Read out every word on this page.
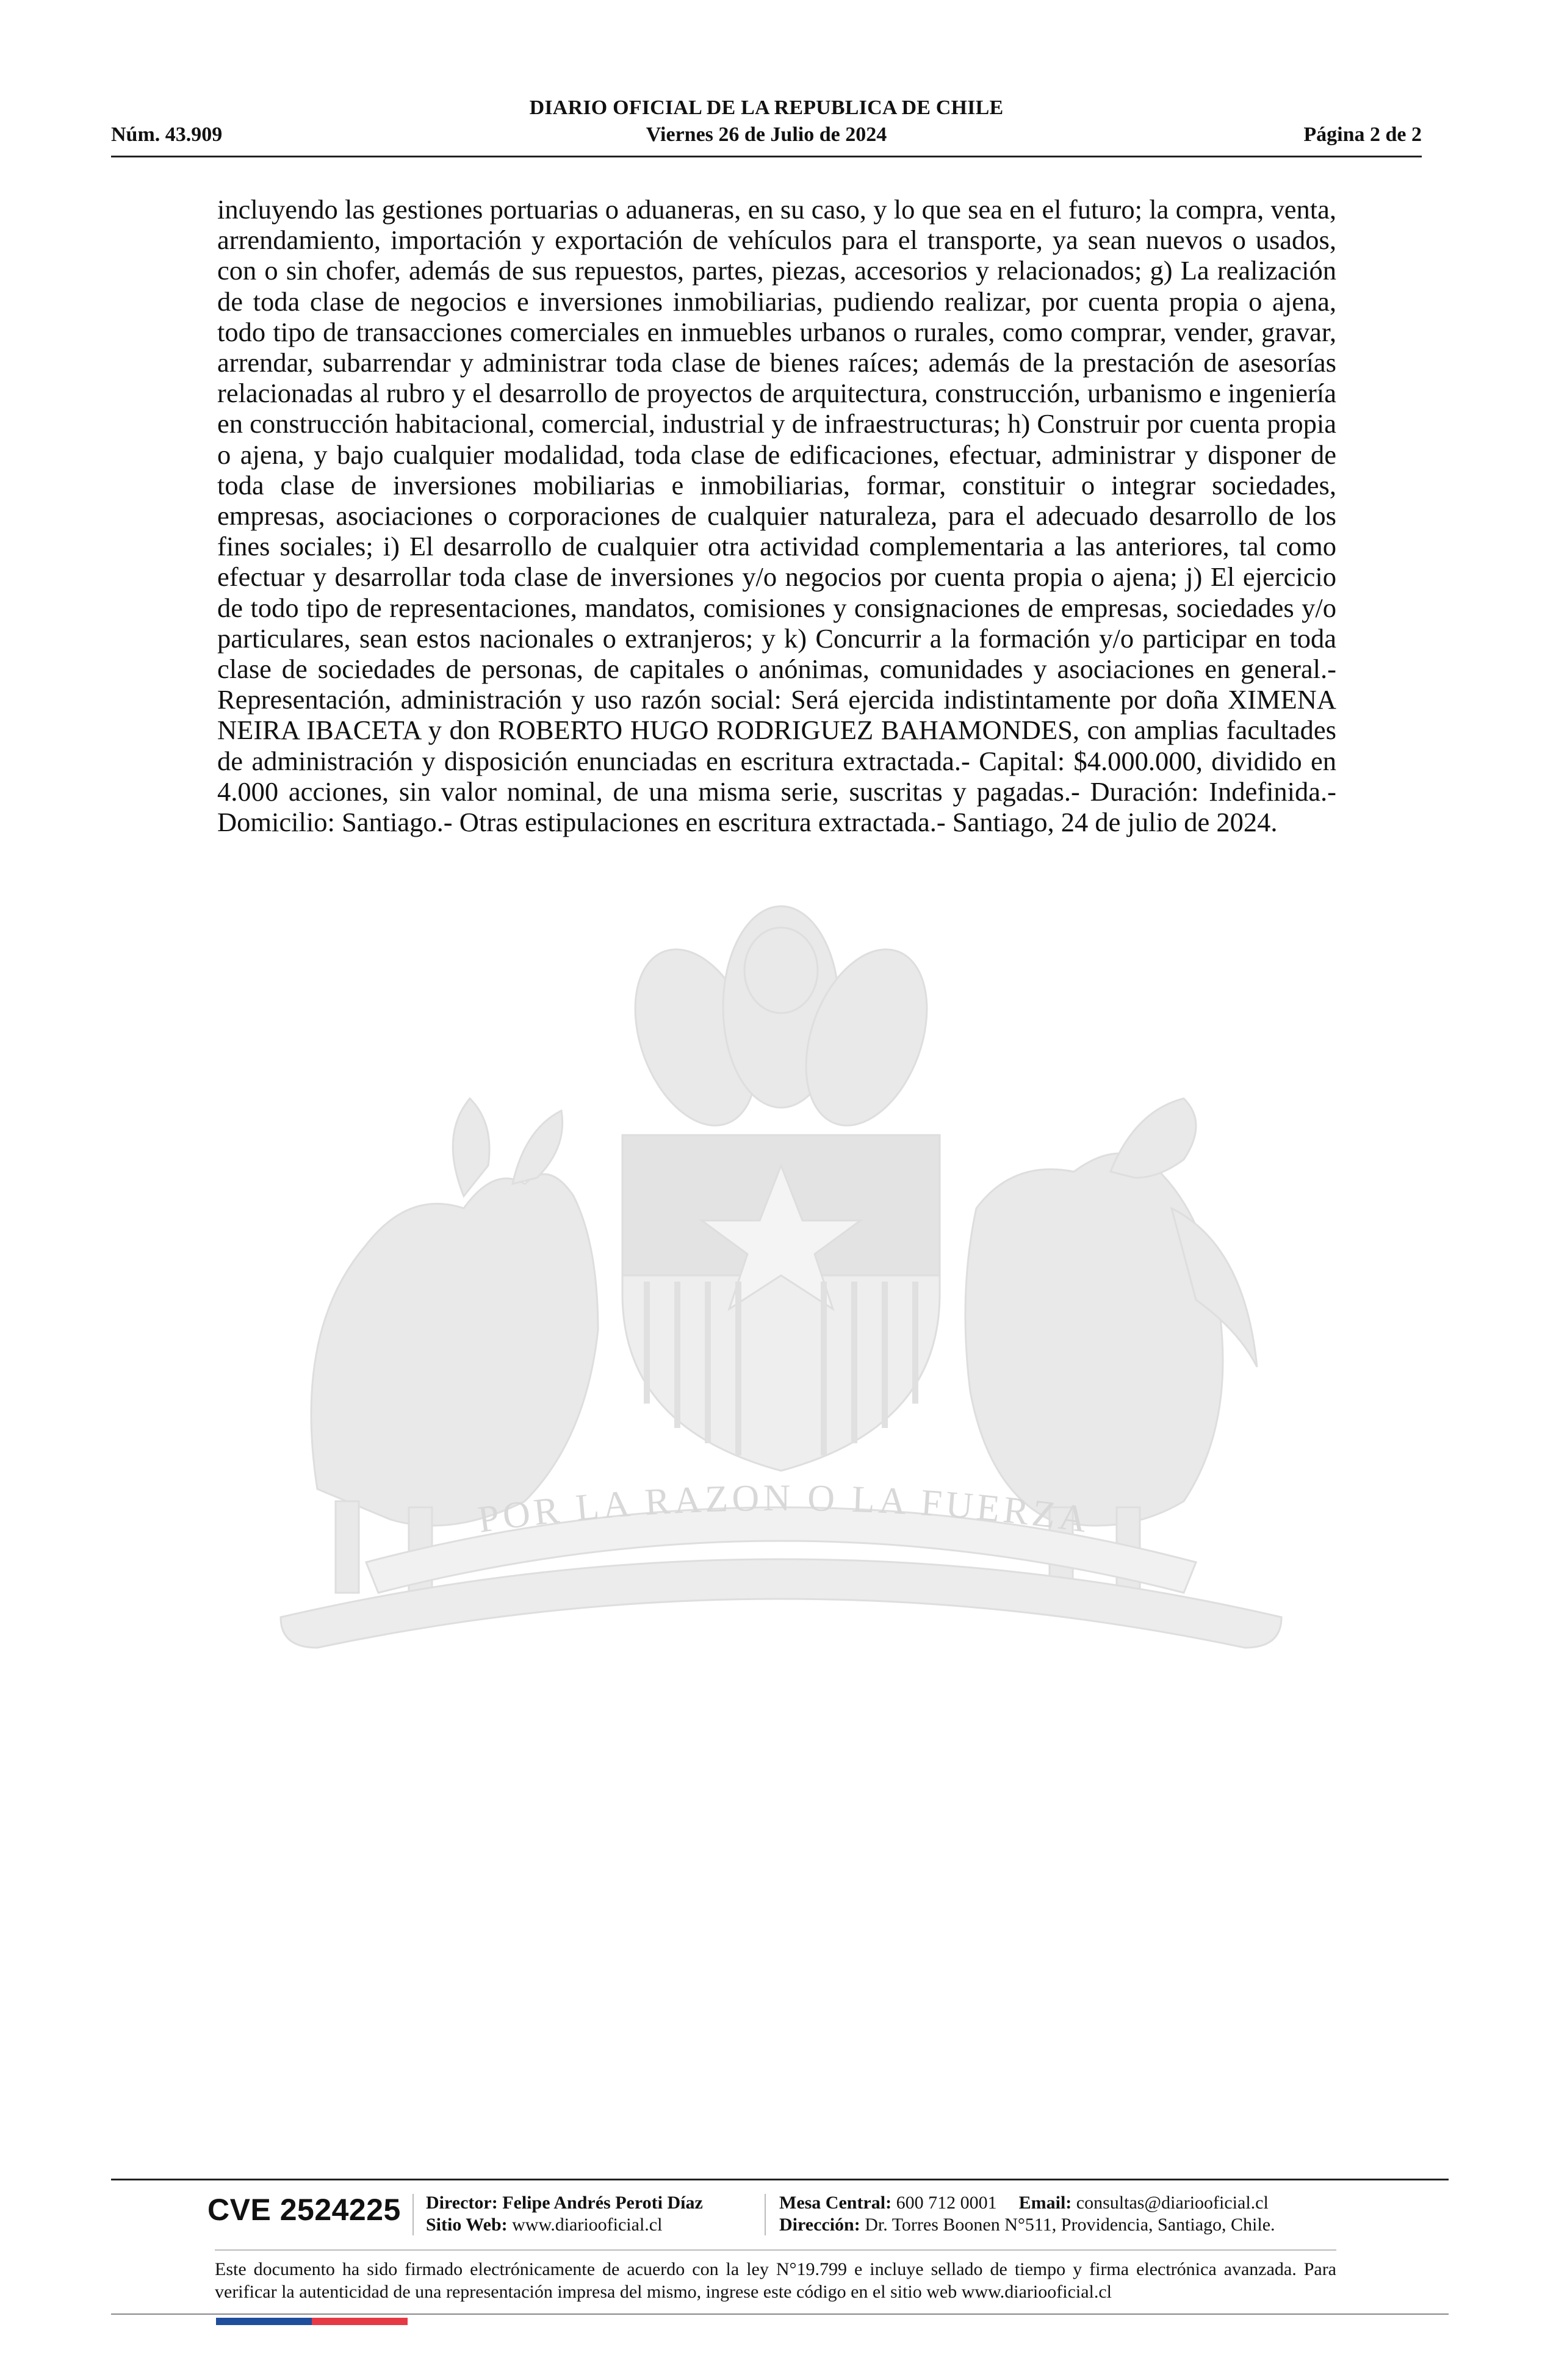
DIARIO OFICIAL DE LA REPUBLICA DE CHILE
Núm. 43.909	Viernes 26 de Julio de 2024	Página 2 de 2
POR LA RAZON O LA FUERZA
incluyendo las gestiones portuarias o aduaneras, en su caso, y lo que sea en el futuro; la compra, venta, arrendamiento, importación y exportación de vehículos para el transporte, ya sean nuevos o usados, con o sin chofer, además de sus repuestos, partes, piezas, accesorios y relacionados; g) La realización de toda clase de negocios e inversiones inmobiliarias, pudiendo realizar, por cuenta propia o ajena, todo tipo de transacciones comerciales en inmuebles urbanos o rurales, como comprar, vender, gravar, arrendar, subarrendar y administrar toda clase de bienes raíces; además de la prestación de asesorías relacionadas al rubro y el desarrollo de proyectos de arquitectura, construcción, urbanismo e ingeniería en construcción habitacional, comercial, industrial y de infraestructuras; h) Construir por cuenta propia o ajena, y bajo cualquier modalidad, toda clase de edificaciones, efectuar, administrar y disponer de toda clase de inversiones mobiliarias e inmobiliarias, formar, constituir o integrar sociedades, empresas, asociaciones o corporaciones de cualquier naturaleza, para el adecuado desarrollo de los fines sociales; i) El desarrollo de cualquier otra actividad complementaria a las anteriores, tal como efectuar y desarrollar toda clase de inversiones y/o negocios por cuenta propia o ajena; j) El ejercicio de todo tipo de representaciones, mandatos, comisiones y consignaciones de empresas, sociedades y/o particulares, sean estos nacionales o extranjeros; y k) Concurrir a la formación y/o participar en toda clase de sociedades de personas, de capitales o anónimas, comunidades y asociaciones en general.- Representación, administración y uso razón social: Será ejercida indistintamente por doña XIMENA NEIRA IBACETA y don ROBERTO HUGO RODRIGUEZ BAHAMONDES, con amplias facultades de administración y disposición enunciadas en escritura extractada.- Capital: $4.000.000, dividido en 4.000 acciones, sin valor nominal, de una misma serie, suscritas y pagadas.- Duración: Indefinida.- Domicilio: Santiago.- Otras estipulaciones en escritura extractada.- Santiago, 24 de julio de 2024.
CVE 2524225 Director: Felipe Andrés Peroti Díaz
Sitio Web: www.diariooficial.cl
Mesa Central: 600 712 0001 Email: consultas@diariooficial.cl
Dirección: Dr. Torres Boonen N°511, Providencia, Santiago, Chile.
Este documento ha sido firmado electrónicamente de acuerdo con la ley N°19.799 e incluye sellado de tiempo y firma electrónica avanzada. Para verificar la autenticidad de una representación impresa del mismo, ingrese este código en el sitio web www.diariooficial.cl
